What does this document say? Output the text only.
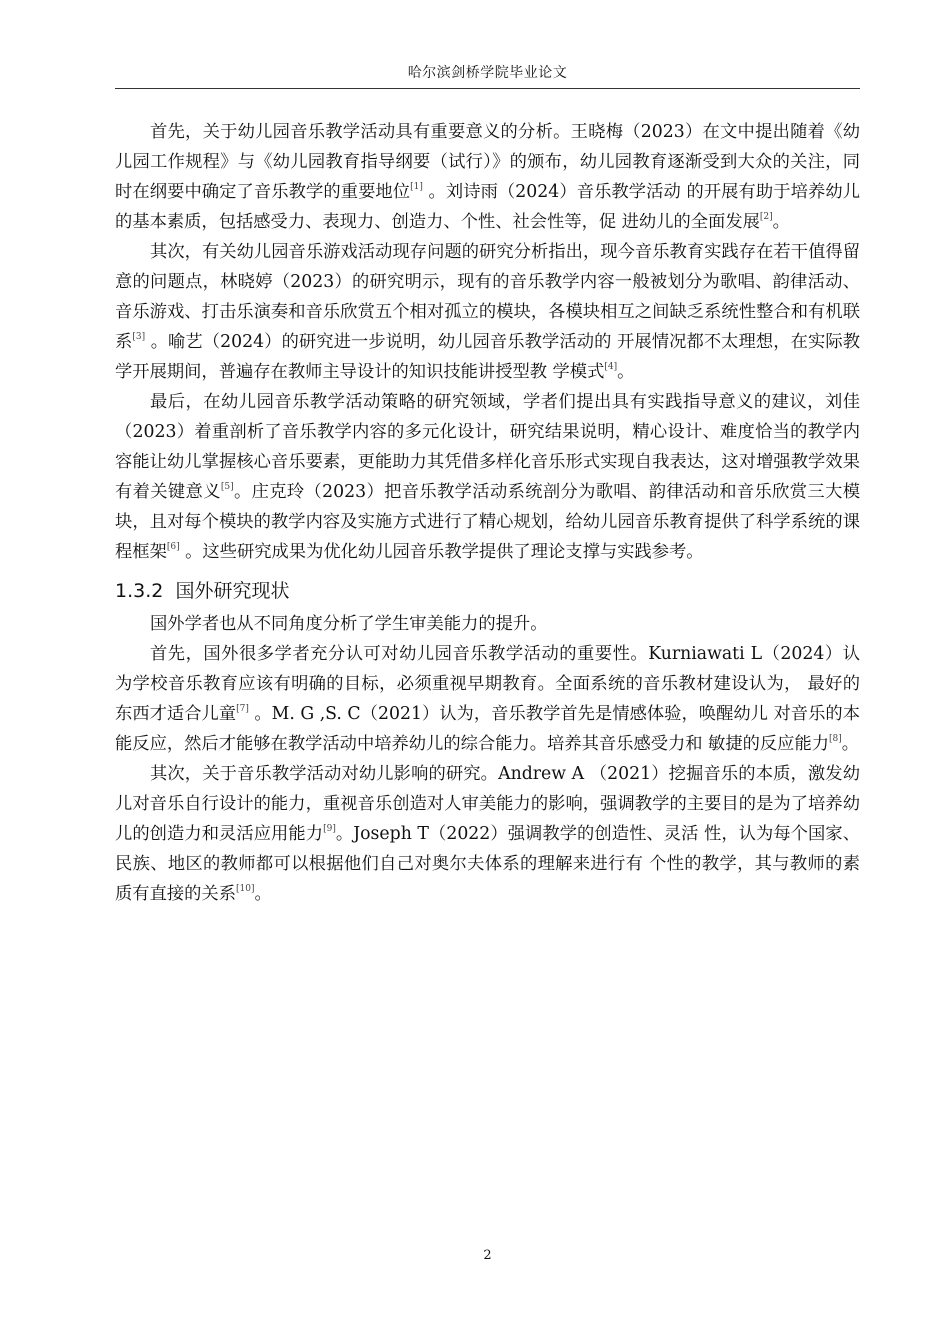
哈尔滨剑桥学院毕业论文

首先，关于幼儿园音乐教学活动具有重要意义的分析。王晓梅（2023）在文中提出随着《幼儿园工作规程》与《幼儿园教育指导纲要（试行）》的颁布，幼儿园教育逐渐受到大众的关注，同时在纲要中确定了音乐教学的重要地位[1] 。刘诗雨（2024）音乐教学活动 的开展有助于培养幼儿的基本素质，包括感受力、表现力、创造力、个性、社会性等，促 进幼儿的全面发展[2]。

其次，有关幼儿园音乐游戏活动现存问题的研究分析指出，现今音乐教育实践存在若干值得留意的问题点，林晓婷（2023）的研究明示，现有的音乐教学内容一般被划分为歌唱、韵律活动、音乐游戏、打击乐演奏和音乐欣赏五个相对孤立的模块，各模块相互之间缺乏系统性整合和有机联系[3] 。喻艺（2024）的研究进一步说明，幼儿园音乐教学活动的 开展情况都不太理想，在实际教学开展期间，普遍存在教师主导设计的知识技能讲授型教 学模式[4]。

最后，在幼儿园音乐教学活动策略的研究领域，学者们提出具有实践指导意义的建议，刘佳（2023）着重剖析了音乐教学内容的多元化设计，研究结果说明，精心设计、难度恰当的教学内容能让幼儿掌握核心音乐要素，更能助力其凭借多样化音乐形式实现自我表达，这对增强教学效果有着关键意义[5]。庄克玲（2023）把音乐教学活动系统剖分为歌唱、韵律活动和音乐欣赏三大模块，且对每个模块的教学内容及实施方式进行了精心规划，给幼儿园音乐教育提供了科学系统的课程框架[6] 。这些研究成果为优化幼儿园音乐教学提供了理论支撑与实践参考。

1.3.2 国外研究现状

国外学者也从不同角度分析了学生审美能力的提升。

首先，国外很多学者充分认可对幼儿园音乐教学活动的重要性。Kurniawati L（2024）认为学校音乐教育应该有明确的目标，必须重视早期教育。全面系统的音乐教材建设认为， 最好的东西才适合儿童[7] 。M. G ,S. C（2021）认为，音乐教学首先是情感体验，唤醒幼儿 对音乐的本能反应，然后才能够在教学活动中培养幼儿的综合能力。培养其音乐感受力和 敏捷的反应能力[8]。

其次，关于音乐教学活动对幼儿影响的研究。Andrew A （2021）挖掘音乐的本质，激发幼儿对音乐自行设计的能力，重视音乐创造对人审美能力的影响，强调教学的主要目的是为了培养幼儿的创造力和灵活应用能力[9]。Joseph T（2022）强调教学的创造性、灵活 性，认为每个国家、民族、地区的教师都可以根据他们自己对奥尔夫体系的理解来进行有 个性的教学，其与教师的素质有直接的关系[10]。

2
